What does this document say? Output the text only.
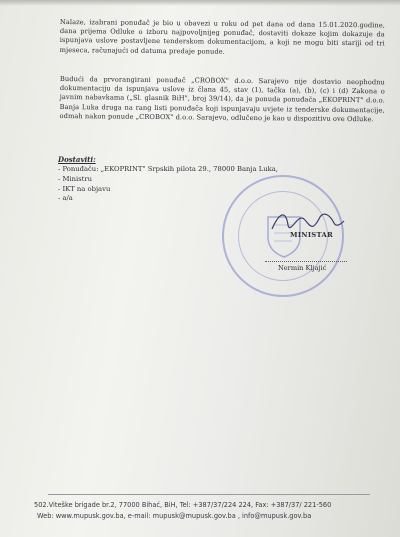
Nalaze, izabrani ponuđač je bio u obavezi u roku od pet dana od dana 15.01.2020.godine, dana prijema Odluke o izboru najpovoljnijeg ponuđač, dostaviti dokaze kojim dokazuje da ispunjava uslove postavljene tenderskom dokumentacijom, a koji ne mogu biti stariji od tri mjeseca, računajući od datuma predaje ponude.
Budući da prvorangirani ponuđač „CROBOX" d.o.o. Sarajevo nije dostavio neophodnu dokumentaciju da ispunjava uslove iz člana 45, stav (1), tačka (a), (b), (c) i (d) Zakona o javnim nabavkama („Sl. glasnik BiH", broj 39/14), da je ponuda ponuđača „EKOPRINT" d.o.o. Banja Luka druga na rang listi ponuđača koji ispunjavaju uvjete iz tenderske dokumentacije, odmah nakon ponude „CROBOX" d.o.o. Sarajevo, odlučeno je kao u dispozitivu ove Odluke.
Dostaviti:
- Ponuđaču: „EKOPRINT" Srpskih pilota 29., 78000 Banja Luka,
- Ministru
- IKT na objavu
- a/a
MINISTAR
Nermin Kljajić
502.Viteške brigade br.2, 77000 Bihać, BiH, Tel: +387/37/224 224, Fax: +387/37/ 221-560
Web: www.mupusk.gov.ba, e-mail: mupusk@mupusk.gov.ba , info@mupusk.gov.ba
